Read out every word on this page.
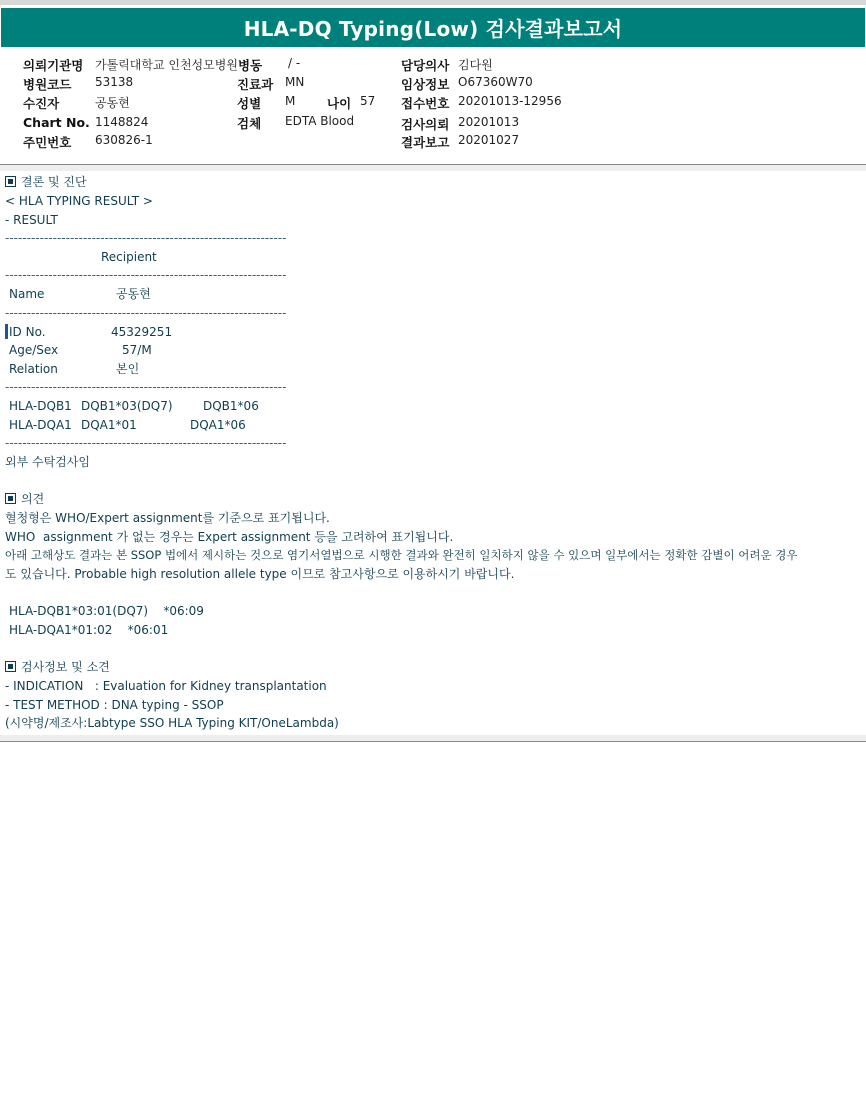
HLA-DQ Typing(Low) 검사결과보고서
의뢰기관명 가톨릭대학교 인천성모병원 병동 / -	담당의사 김다원
병원코드 53138	진료과 MN	임상정보 O67360W70
수진자	공동현	성별 M	나이 57 접수번호 20201013-12956
Chart No. 1148824	검체 EDTA Blood	검사의뢰 20201013
주민번호 630826-1	결과보고 20201027
결론 및 진단
< HLA TYPING RESULT >
- RESULT
-----------------------------------------------------------------
Recipient
-----------------------------------------------------------------
Name	공동현
-----------------------------------------------------------------
ID No.	45329251
Age/Sex	57/M
Relation	본인
-----------------------------------------------------------------
HLA-DQB1 DQB1*03(DQ7)	DQB1*06
HLA-DQA1 DQA1*01	DQA1*06
-----------------------------------------------------------------
외부 수탁검사임
의견
혈청형은 WHO/Expert assignment를 기준으로 표기됩니다.
WHO  assignment 가 없는 경우는 Expert assignment 등을 고려하여 표기됩니다.
아래 고해상도 결과는 본 SSOP 법에서 제시하는 것으로 염기서열법으로 시행한 결과와 완전히 일치하지 않을 수 있으며 일부에서는 정확한 감별이 어려운 경우
도 있습니다. Probable high resolution allele type 이므로 참고사항으로 이용하시기 바랍니다.
HLA-DQB1*03:01(DQ7)    *06:09
HLA-DQA1*01:02    *06:01
검사정보 및 소견
- INDICATION   : Evaluation for Kidney transplantation
- TEST METHOD : DNA typing - SSOP
(시약명/제조사:Labtype SSO HLA Typing KIT/OneLambda)
